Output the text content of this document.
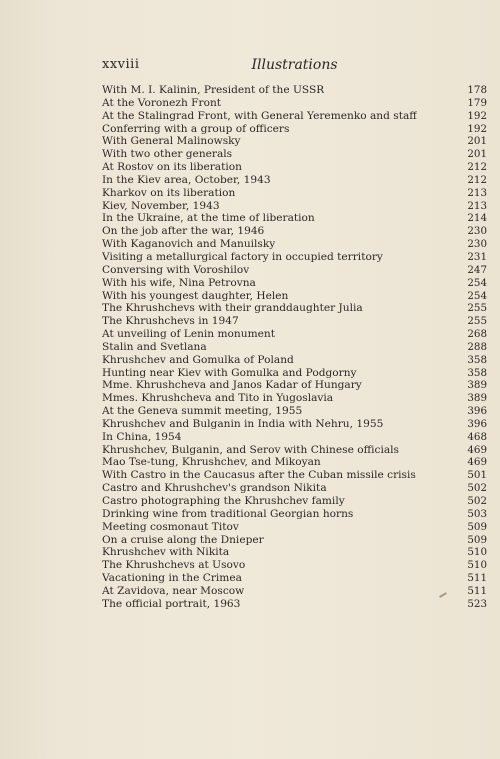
xxviii	Illustrations
With M. I. Kalinin, President of the USSR	178
At the Voronezh Front	179
At the Stalingrad Front, with General Yeremenko and staff	192
Conferring with a group of officers	192
With General Malinowsky	201
With two other generals	201
At Rostov on its liberation	212
In the Kiev area, October, 1943	212
Kharkov on its liberation	213
Kiev, November, 1943	213
In the Ukraine, at the time of liberation	214
On the job after the war, 1946	230
With Kaganovich and Manuilsky	230
Visiting a metallurgical factory in occupied territory	231
Conversing with Voroshilov	247
With his wife, Nina Petrovna	254
With his youngest daughter, Helen	254
The Khrushchevs with their granddaughter Julia	255
The Khrushchevs in 1947	255
At unveiling of Lenin monument	268
Stalin and Svetlana	288
Khrushchev and Gomulka of Poland	358
Hunting near Kiev with Gomulka and Podgorny	358
Mme. Khrushcheva and Janos Kadar of Hungary	389
Mmes. Khrushcheva and Tito in Yugoslavia	389
At the Geneva summit meeting, 1955	396
Khrushchev and Bulganin in India with Nehru, 1955	396
In China, 1954	468
Khrushchev, Bulganin, and Serov with Chinese officials	469
Mao Tse-tung, Khrushchev, and Mikoyan	469
With Castro in the Caucasus after the Cuban missile crisis	501
Castro and Khrushchev's grandson Nikita	502
Castro photographing the Khrushchev family	502
Drinking wine from traditional Georgian horns	503
Meeting cosmonaut Titov	509
On a cruise along the Dnieper	509
Khrushchev with Nikita	510
The Khrushchevs at Usovo	510
Vacationing in the Crimea	511
At Zavidova, near Moscow	511
The official portrait, 1963	523
